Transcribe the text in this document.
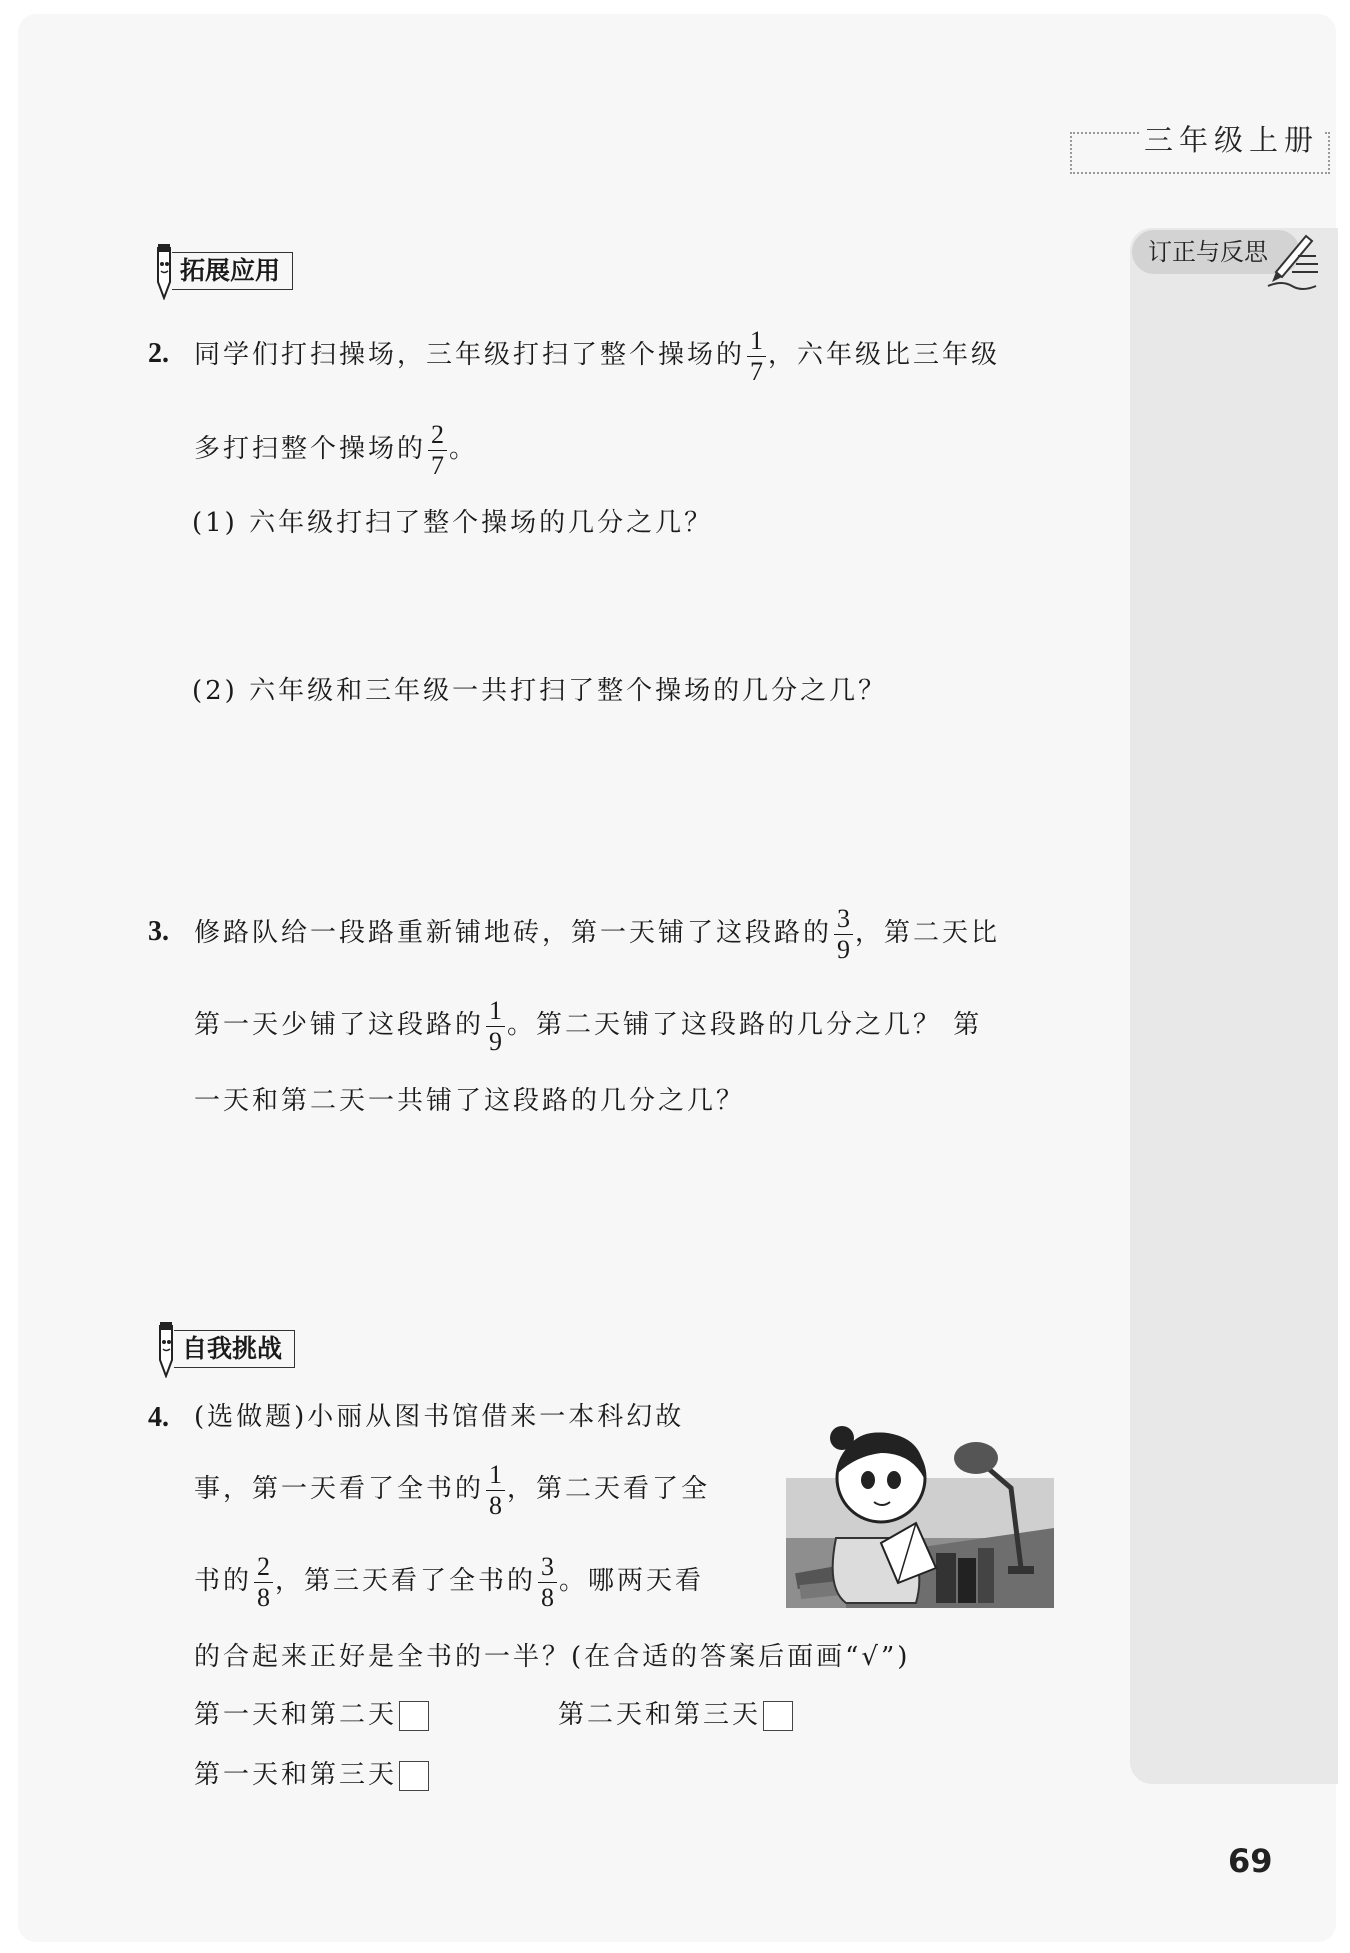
三年级上册
订正与反思
拓展应用
2. 同学们打扫操场，三年级打扫了整个操场的 $\frac{1}{7}$ ，六年级比三年级
多打扫整个操场的 $\frac{2}{7}$ 。
(1) 六年级打扫了整个操场的几分之几？
(2) 六年级和三年级一共打扫了整个操场的几分之几？
3. 修路队给一段路重新铺地砖，第一天铺了这段路的 $\frac{3}{9}$ ，第二天比
第一天少铺了这段路的 $\frac{1}{9}$ 。第二天铺了这段路的几分之几？ 第
一天和第二天一共铺了这段路的几分之几？
自我挑战
4. (选做题)小丽从图书馆借来一本科幻故
事，第一天看了全书的 $\frac{1}{8}$ ，第二天看了全
书的 $\frac{2}{8}$ ，第三天看了全书的 $\frac{3}{8}$ 。哪两天看
的合起来正好是全书的一半？(在合适的答案后面画“√”)
第一天和第二天	第二天和第三天
第一天和第三天
69
